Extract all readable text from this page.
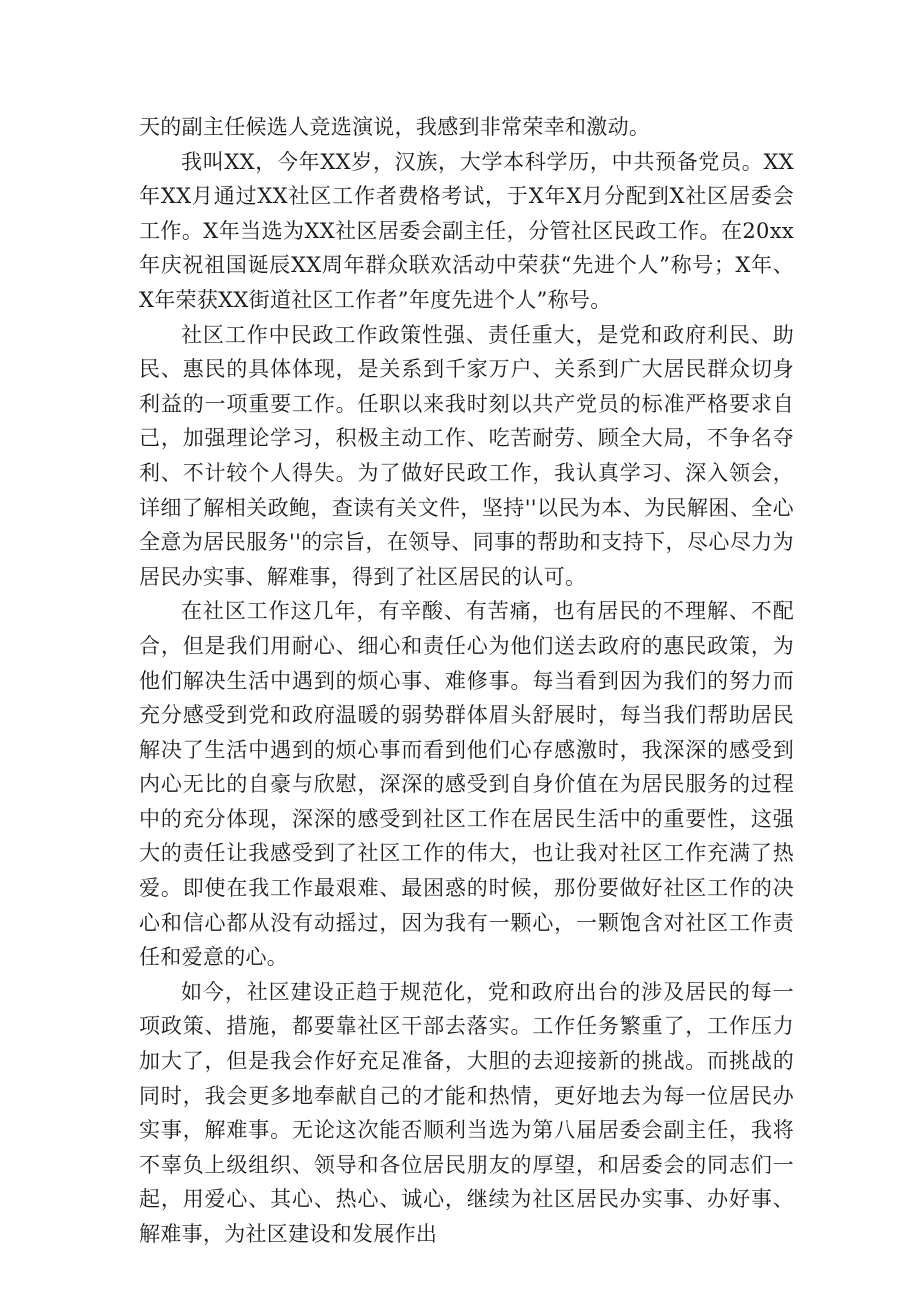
天的副主任候选人竞选演说，我感到非常荣幸和激动。

我叫XX，今年XX岁，汉族，大学本科学历，中共预备党员。XX年XX月通过XX社区工作者费格考试，于X年X月分配到X社区居委会工作。X年当选为XX社区居委会副主任，分管社区民政工作。在20xx年庆祝祖国诞辰XX周年群众联欢活动中荣获“先进个人”称号；X年、X年荣获XX街道社区工作者”年度先进个人”称号。

社区工作中民政工作政策性强、责任重大，是党和政府利民、助民、惠民的具体体现，是关系到千家万户、关系到广大居民群众切身利益的一项重要工作。任职以来我时刻以共产党员的标准严格要求自己，加强理论学习，积极主动工作、吃苦耐劳、顾全大局，不争名夺利、不计较个人得失。为了做好民政工作，我认真学习、深入领会，详细了解相关政鲍，查读有关文件，坚持''以民为本、为民解困、全心全意为居民服务''的宗旨，在领导、同事的帮助和支持下，尽心尽力为居民办实事、解难事，得到了社区居民的认可。

在社区工作这几年，有辛酸、有苦痛，也有居民的不理解、不配合，但是我们用耐心、细心和责任心为他们送去政府的惠民政策，为他们解决生活中遇到的烦心事、难修事。每当看到因为我们的努力而充分感受到党和政府温暖的弱势群体眉头舒展时，每当我们帮助居民解决了生活中遇到的烦心事而看到他们心存感激时，我深深的感受到内心无比的自豪与欣慰，深深的感受到自身价值在为居民服务的过程中的充分体现，深深的感受到社区工作在居民生活中的重要性，这强大的责任让我感受到了社区工作的伟大，也让我对社区工作充满了热爱。即使在我工作最艰难、最困惑的时候，那份要做好社区工作的决心和信心都从没有动摇过，因为我有一颗心，一颗饱含对社区工作责任和爱意的心。

如今，社区建设正趋于规范化，党和政府出台的涉及居民的每一项政策、措施，都要靠社区干部去落实。工作任务繁重了，工作压力加大了，但是我会作好充足准备，大胆的去迎接新的挑战。而挑战的同时，我会更多地奉献自己的才能和热情，更好地去为每一位居民办实事，解难事。无论这次能否顺利当选为第八届居委会副主任，我将不辜负上级组织、领导和各位居民朋友的厚望，和居委会的同志们一起，用爱心、其心、热心、诚心，继续为社区居民办实事、办好事、解难事，为社区建设和发展作出
